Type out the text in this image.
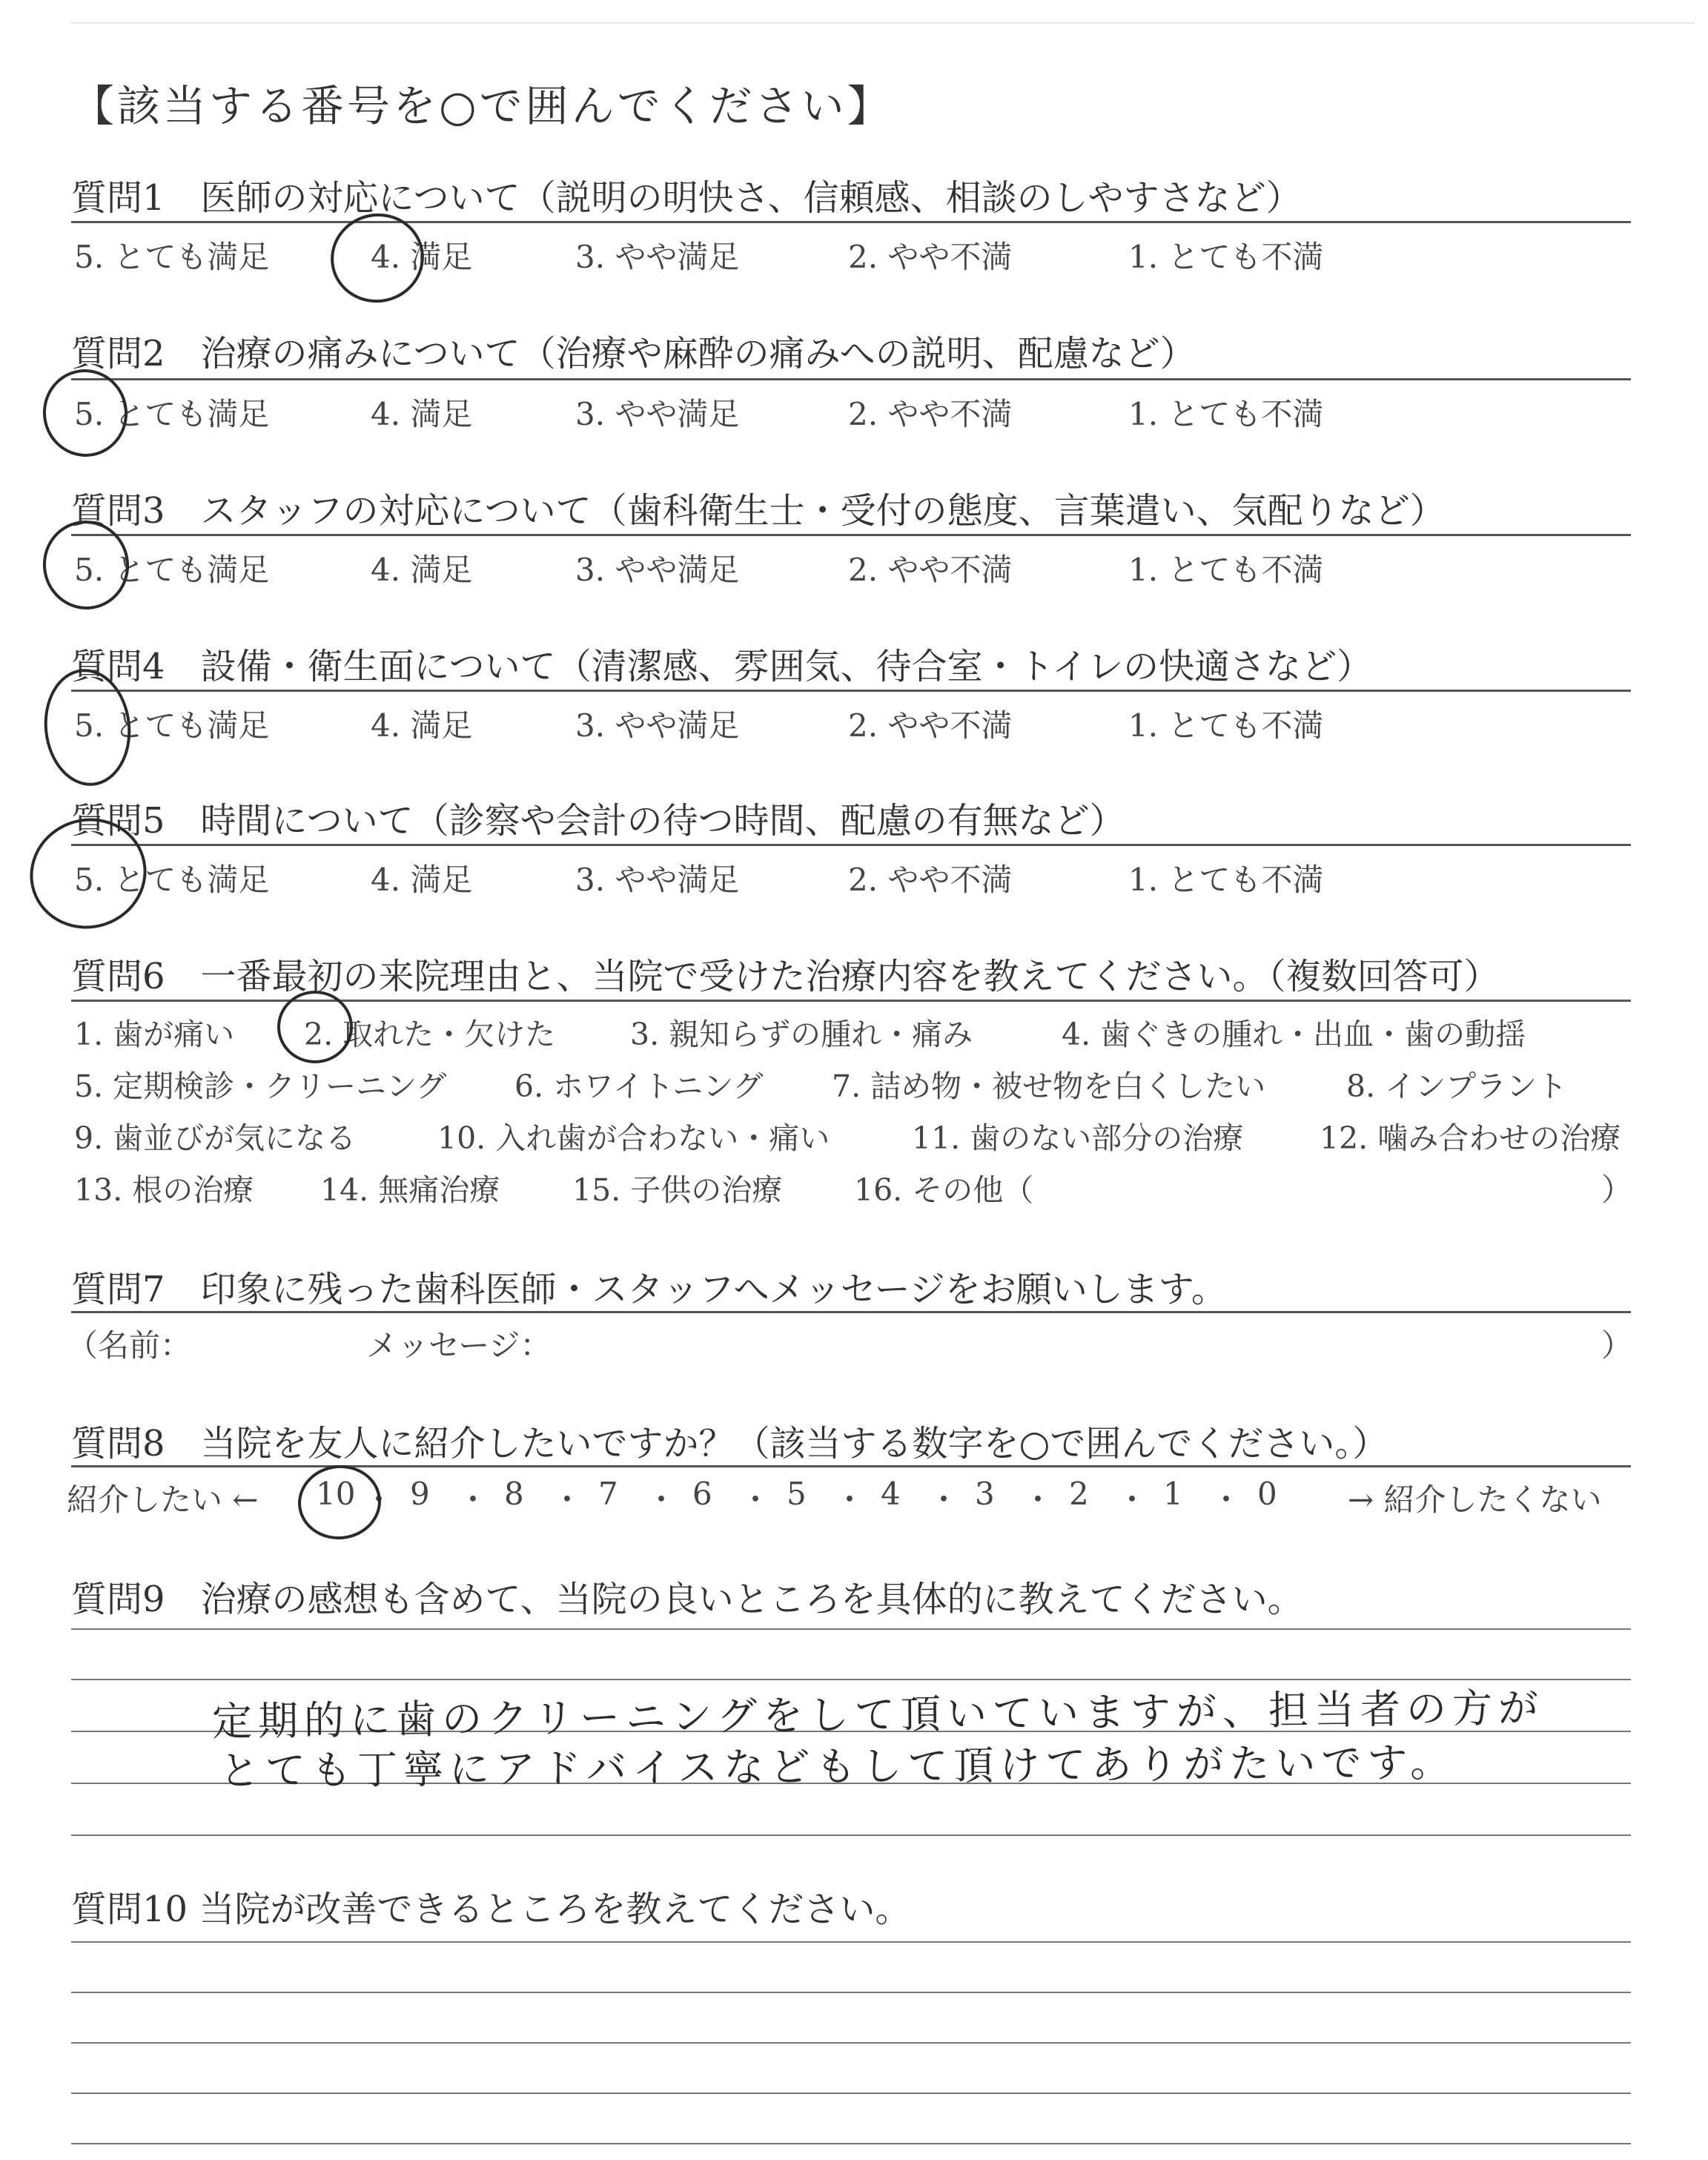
【該当する番号を○で囲んでください】
質問1　医師の対応について（説明の明快さ、信頼感、相談のしやすさなど）
5. とても満足	4. 満足	3. やや満足	2. やや不満	1. とても不満
質問2　治療の痛みについて（治療や麻酔の痛みへの説明、配慮など）
5. とても満足	4. 満足	3. やや満足	2. やや不満	1. とても不満
質問3　スタッフの対応について（歯科衛生士・受付の態度、言葉遣い、気配りなど）
5. とても満足	4. 満足	3. やや満足	2. やや不満	1. とても不満
質問4　設備・衛生面について（清潔感、雰囲気、待合室・トイレの快適さなど）
5. とても満足	4. 満足	3. やや満足	2. やや不満	1. とても不満
質問5　時間について（診察や会計の待つ時間、配慮の有無など）
5. とても満足	4. 満足	3. やや満足	2. やや不満	1. とても不満
質問6　一番最初の来院理由と、当院で受けた治療内容を教えてください。（複数回答可）
1. 歯が痛い 2. 取れた・欠けた 3. 親知らずの腫れ・痛み	4. 歯ぐきの腫れ・出血・歯の動揺
5. 定期検診・クリーニング 6. ホワイトニング 7. 詰め物・被せ物を白くしたい	8. インプラント
9. 歯並びが気になる	10. 入れ歯が合わない・痛い	11. 歯のない部分の治療	12. 噛み合わせの治療
13. 根の治療 14. 無痛治療 15. 子供の治療 16. その他（	）
質問7　印象に残った歯科医師・スタッフへメッセージをお願いします。
（名前：	メッセージ：	）
質問8　当院を友人に紹介したいですか？（該当する数字を○で囲んでください。）
紹介したい ←	→ 紹介したくない
10 ・ 9 ・ 8 ・ 7 ・ 6 ・ 5 ・ 4 ・ 3 ・ 2 ・ 1 ・ 0
質問9　治療の感想も含めて、当院の良いところを具体的に教えてください。
定期的に歯のクリーニングをして頂いていますが、担当者の方が
とても丁寧にアドバイスなどもして頂けてありがたいです。
質問10 当院が改善できるところを教えてください。
